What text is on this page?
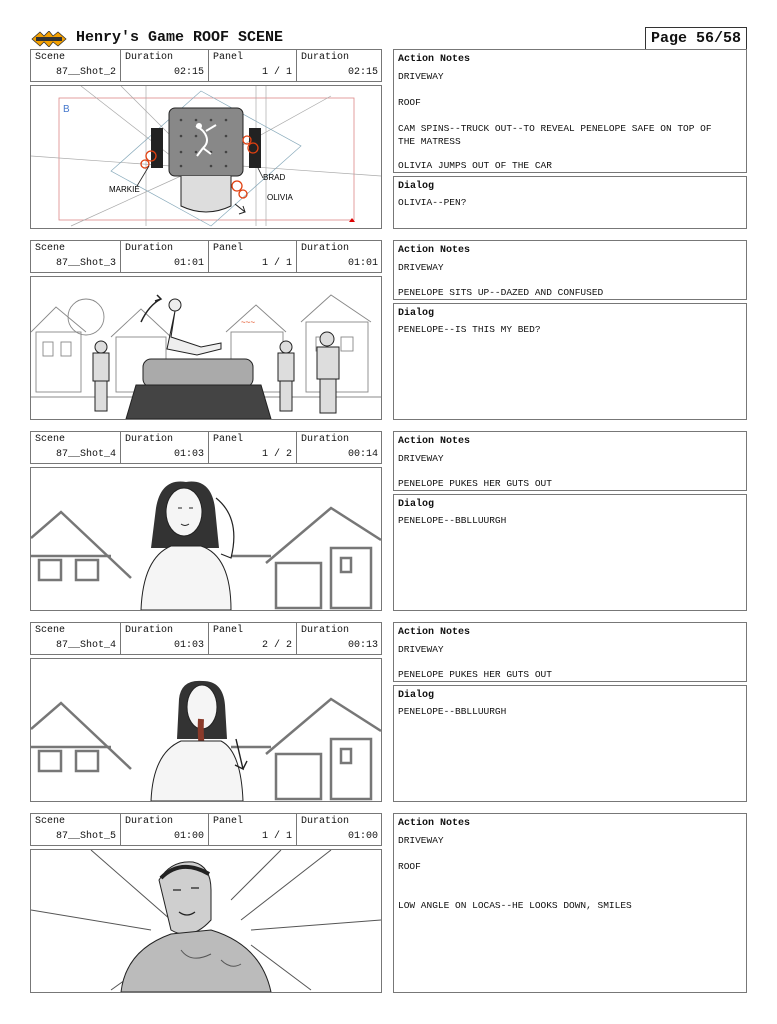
Henry's Game ROOF SCENE	Page 56/58
Scene
87__Shot_2
Duration
02:15
Panel
1 / 1
Duration
02:15
B
BRAD
MARKIE
OLIVIA
Action Notes
DRIVEWAY
ROOF
CAM SPINS--TRUCK OUT--TO REVEAL PENELOPE SAFE ON TOP OF
THE MATRESS
OLIVIA JUMPS OUT OF THE CAR
Dialog
OLIVIA--PEN?
Scene
87__Shot_3
Duration
01:01
Panel
1 / 1
Duration
01:01
~~~
Action Notes
DRIVEWAY
PENELOPE SITS UP--DAZED AND CONFUSED
Dialog
PENELOPE--IS THIS MY BED?
Scene
87__Shot_4
Duration
01:03
Panel
1 / 2
Duration
00:14
Action Notes
DRIVEWAY
PENELOPE PUKES HER GUTS OUT
Dialog
PENELOPE--BBLLUURGH
Scene
87__Shot_4
Duration
01:03
Panel
2 / 2
Duration
00:13
Action Notes
DRIVEWAY
PENELOPE PUKES HER GUTS OUT
Dialog
PENELOPE--BBLLUURGH
Scene
87__Shot_5
Duration
01:00
Panel
1 / 1
Duration
01:00
Action Notes
DRIVEWAY
ROOF
LOW ANGLE ON LOCAS--HE LOOKS DOWN, SMILES
